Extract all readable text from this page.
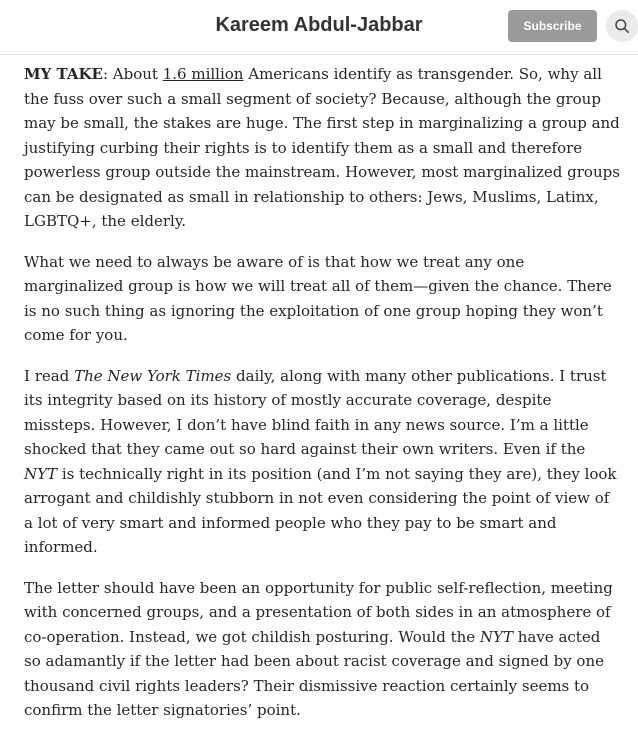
Kareem Abdul-Jabbar	Subscribe

MY TAKE: About 1.6 million Americans identify as transgender. So, why all the fuss over such a small segment of society? Because, although the group may be small, the stakes are huge. The first step in marginalizing a group and justifying curbing their rights is to identify them as a small and therefore powerless group outside the mainstream. However, most marginalized groups can be designated as small in relationship to others: Jews, Muslims, Latinx, LGBTQ+, the elderly.

What we need to always be aware of is that how we treat any one marginalized group is how we will treat all of them—given the chance. There is no such thing as ignoring the exploitation of one group hoping they won’t come for you.

I read The New York Times daily, along with many other publications. I trust its integrity based on its history of mostly accurate coverage, despite missteps. However, I don’t have blind faith in any news source. I’m a little shocked that they came out so hard against their own writers. Even if the NYT is technically right in its position (and I’m not saying they are), they look arrogant and childishly stubborn in not even considering the point of view of a lot of very smart and informed people who they pay to be smart and informed.

The letter should have been an opportunity for public self-reflection, meeting with concerned groups, and a presentation of both sides in an atmosphere of co-operation. Instead, we got childish posturing. Would the NYT have acted so adamantly if the letter had been about racist coverage and signed by one thousand civil rights leaders? Their dismissive reaction certainly seems to confirm the letter signatories’ point.
